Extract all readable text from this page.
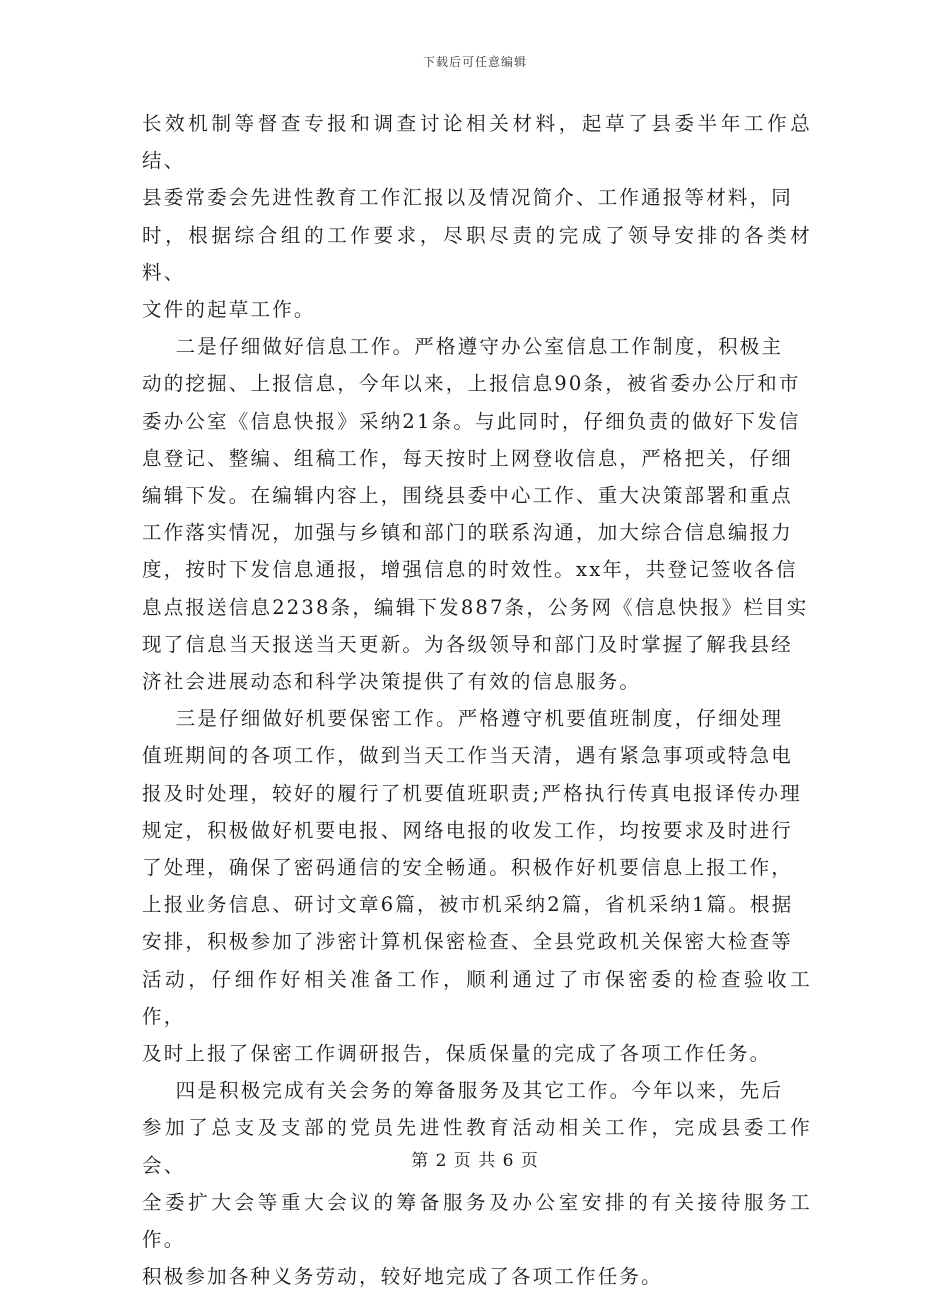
下载后可任意编辑
长效机制等督查专报和调查讨论相关材料，起草了县委半年工作总结、
县委常委会先进性教育工作汇报以及情况简介、工作通报等材料，同
时，根据综合组的工作要求，尽职尽责的完成了领导安排的各类材料、
文件的起草工作。
二是仔细做好信息工作。严格遵守办公室信息工作制度，积极主
动的挖掘、上报信息，今年以来，上报信息90条，被省委办公厅和市
委办公室《信息快报》采纳21条。与此同时，仔细负责的做好下发信
息登记、整编、组稿工作，每天按时上网登收信息，严格把关，仔细
编辑下发。在编辑内容上，围绕县委中心工作、重大决策部署和重点
工作落实情况，加强与乡镇和部门的联系沟通，加大综合信息编报力
度，按时下发信息通报，增强信息的时效性。xx年，共登记签收各信
息点报送信息2238条，编辑下发887条，公务网《信息快报》栏目实
现了信息当天报送当天更新。为各级领导和部门及时掌握了解我县经
济社会进展动态和科学决策提供了有效的信息服务。
三是仔细做好机要保密工作。严格遵守机要值班制度，仔细处理
值班期间的各项工作，做到当天工作当天清，遇有紧急事项或特急电
报及时处理，较好的履行了机要值班职责;严格执行传真电报译传办理
规定，积极做好机要电报、网络电报的收发工作，均按要求及时进行
了处理，确保了密码通信的安全畅通。积极作好机要信息上报工作，
上报业务信息、研讨文章6篇，被市机采纳2篇，省机采纳1篇。根据
安排，积极参加了涉密计算机保密检查、全县党政机关保密大检查等
活动，仔细作好相关准备工作，顺利通过了市保密委的检查验收工作，
及时上报了保密工作调研报告，保质保量的完成了各项工作任务。
四是积极完成有关会务的筹备服务及其它工作。今年以来，先后
参加了总支及支部的党员先进性教育活动相关工作，完成县委工作会、
全委扩大会等重大会议的筹备服务及办公室安排的有关接待服务工作。
积极参加各种义务劳动，较好地完成了各项工作任务。
第 2 页 共 6 页
